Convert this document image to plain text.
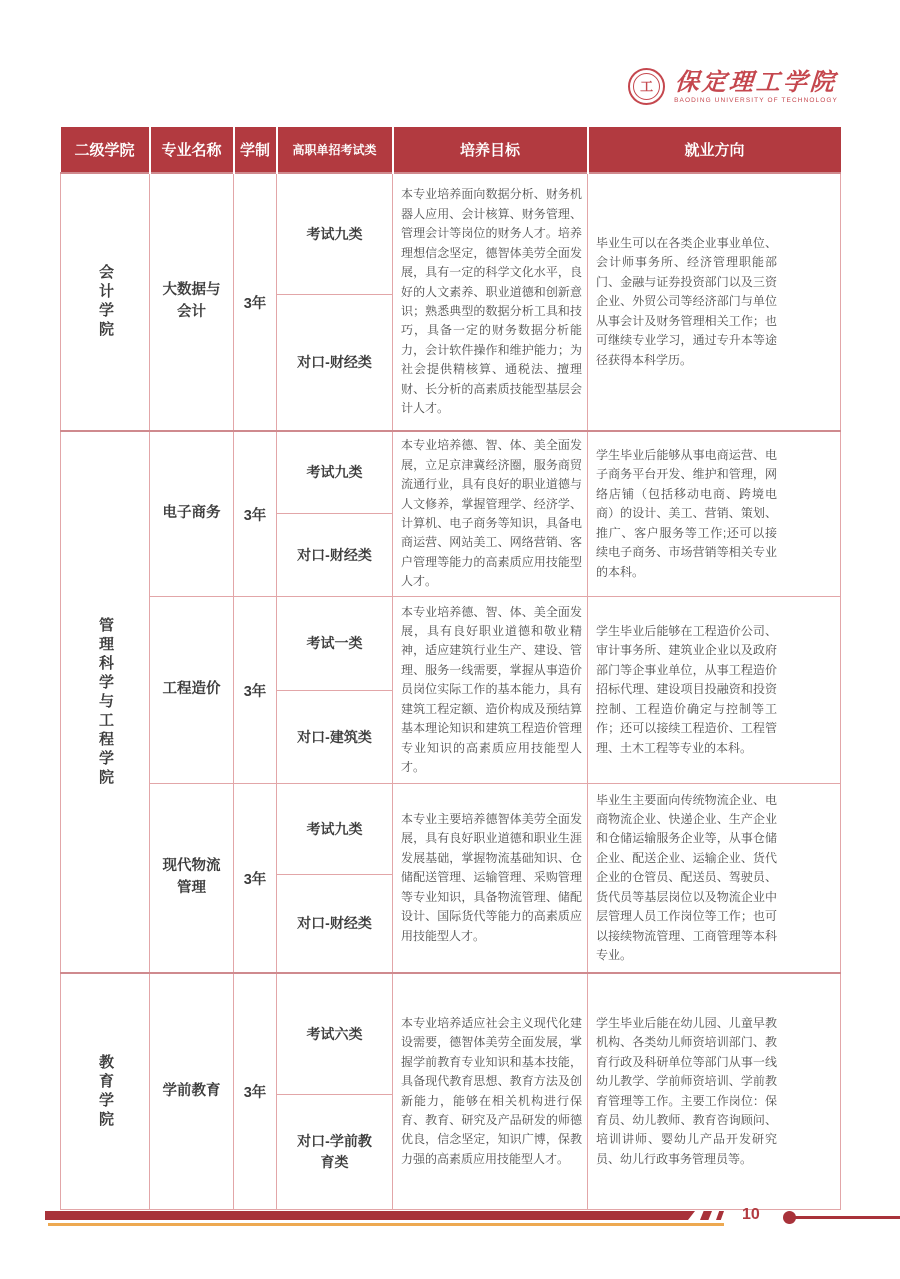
工 保定理工学院
BAODING UNIVERSITY OF TECHNOLOGY
二级学院	专业名称	学制	高职单招考试类	培养目标	就业方向

会计学院	大数据与会计	3年	考试九类	本专业培养面向数据分析、财务机器人应用、会计核算、财务管理、管理会计等岗位的财务人才。培养理想信念坚定，德智体美劳全面发展，具有一定的科学文化水平，良好的人文素养、职业道德和创新意识；熟悉典型的数据分析工具和技巧，具备一定的财务数据分析能力，会计软件操作和维护能力；为社会提供精核算、通税法、擅理财、长分析的高素质技能型基层会计人才。	毕业生可以在各类企业事业单位、会计师事务所、经济管理职能部门、金融与证券投资部门以及三资企业、外贸公司等经济部门与单位从事会计及财务管理相关工作；也可继续专业学习，通过专升本等途径获得本科学历。

			对口-财经类		

管理科学与工程学院	电子商务	3年	考试九类	本专业培养德、智、体、美全面发展，立足京津冀经济圈，服务商贸流通行业，具有良好的职业道德与人文修养，掌握管理学、经济学、计算机、电子商务等知识，具备电商运营、网站美工、网络营销、客户管理等能力的高素质应用技能型人才。	学生毕业后能够从事电商运营、电子商务平台开发、维护和管理，网络店铺（包括移动电商、跨境电商）的设计、美工、营销、策划、推广、客户服务等工作;还可以接续电子商务、市场营销等相关专业的本科。

			对口-财经类		
	工程造价	3年	考试一类	本专业培养德、智、体、美全面发展，具有良好职业道德和敬业精神，适应建筑行业生产、建设、管理、服务一线需要，掌握从事造价员岗位实际工作的基本能力，具有建筑工程定额、造价构成及预结算基本理论知识和建筑工程造价管理专业知识的高素质应用技能型人才。	学生毕业后能够在工程造价公司、审计事务所、建筑业企业以及政府部门等企事业单位，从事工程造价招标代理、建设项目投融资和投资控制、工程造价确定与控制等工作；还可以接续工程造价、工程管理、土木工程等专业的本科。

			对口-建筑类		
	现代物流管理	3年	考试九类	本专业主要培养德智体美劳全面发展，具有良好职业道德和职业生涯发展基础，掌握物流基础知识、仓储配送管理、运输管理、采购管理等专业知识，具备物流管理、储配设计、国际货代等能力的高素质应用技能型人才。	毕业生主要面向传统物流企业、电商物流企业、快递企业、生产企业和仓储运输服务企业等，从事仓储企业、配送企业、运输企业、货代企业的仓管员、配送员、驾驶员、货代员等基层岗位以及物流企业中层管理人员工作岗位等工作；也可以接续物流管理、工商管理等本科专业。

			对口-财经类		

教育学院	学前教育	3年	考试六类	本专业培养适应社会主义现代化建设需要，德智体美劳全面发展，掌握学前教育专业知识和基本技能，具备现代教育思想、教育方法及创新能力，能够在相关机构进行保育、教育、研究及产品研发的师德优良，信念坚定，知识广博，保教力强的高素质应用技能型人才。	学生毕业后能在幼儿园、儿童早教机构、各类幼儿师资培训部门、教育行政及科研单位等部门从事一线幼儿教学、学前师资培训、学前教育管理等工作。主要工作岗位：保育员、幼儿教师、教育咨询顾问、培训讲师、婴幼儿产品开发研究员、幼儿行政事务管理员等。

			对口-学前教育类		
10
